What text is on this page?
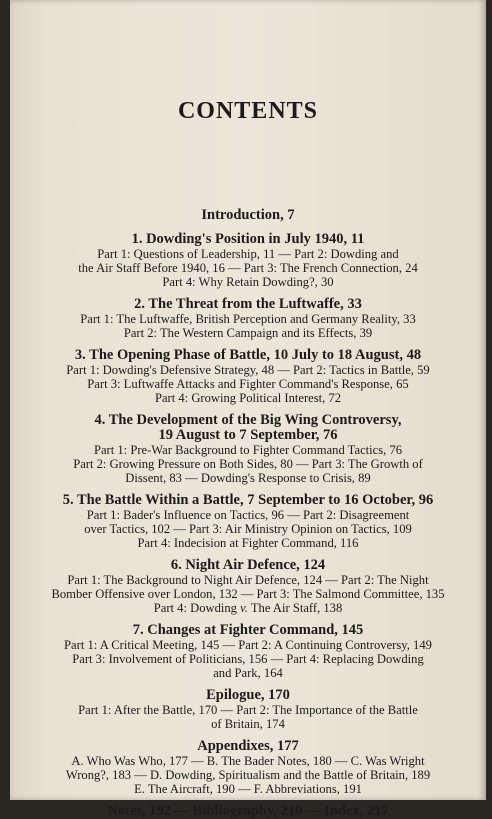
CONTENTS
Introduction, 7
1. Dowding's Position in July 1940, 11
Part 1: Questions of Leadership, 11 — Part 2: Dowding and
the Air Staff Before 1940, 16 — Part 3: The French Connection, 24
Part 4: Why Retain Dowding?, 30
2. The Threat from the Luftwaffe, 33
Part 1: The Luftwaffe, British Perception and Germany Reality, 33
Part 2: The Western Campaign and its Effects, 39
3. The Opening Phase of Battle, 10 July to 18 August, 48
Part 1: Dowding's Defensive Strategy, 48 — Part 2: Tactics in Battle, 59
Part 3: Luftwaffe Attacks and Fighter Command's Response, 65
Part 4: Growing Political Interest, 72
4. The Development of the Big Wing Controversy,
19 August to 7 September, 76
Part 1: Pre-War Background to Fighter Command Tactics, 76
Part 2: Growing Pressure on Both Sides, 80 — Part 3: The Growth of
Dissent, 83 — Dowding's Response to Crisis, 89
5. The Battle Within a Battle, 7 September to 16 October, 96
Part 1: Bader's Influence on Tactics, 96 — Part 2: Disagreement
over Tactics, 102 — Part 3: Air Ministry Opinion on Tactics, 109
Part 4: Indecision at Fighter Command, 116
6. Night Air Defence, 124
Part 1: The Background to Night Air Defence, 124 — Part 2: The Night
Bomber Offensive over London, 132 — Part 3: The Salmond Committee, 135
Part 4: Dowding v. The Air Staff, 138
7. Changes at Fighter Command, 145
Part 1: A Critical Meeting, 145 — Part 2: A Continuing Controversy, 149
Part 3: Involvement of Politicians, 156 — Part 4: Replacing Dowding
and Park, 164
Epilogue, 170
Part 1: After the Battle, 170 — Part 2: The Importance of the Battle
of Britain, 174
Appendixes, 177
A. Who Was Who, 177 — B. The Bader Notes, 180 — C. Was Wright
Wrong?, 183 — D. Dowding, Spiritualism and the Battle of Britain, 189
E. The Aircraft, 190 — F. Abbreviations, 191
Notes, 192 — Bibliography, 210 — Index, 217
